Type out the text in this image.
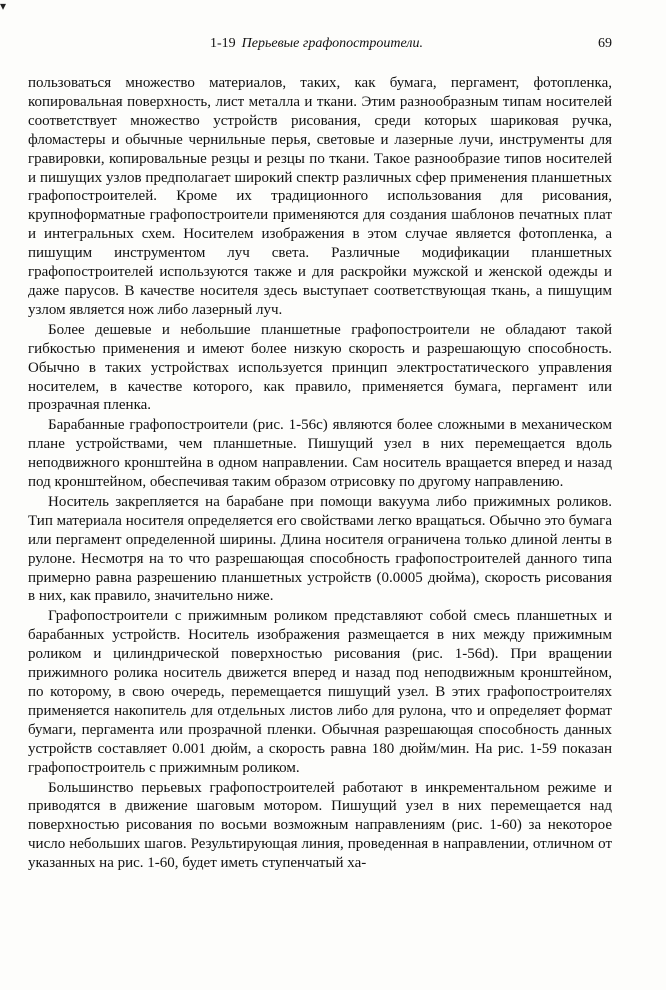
▾
1-19 Перьевые графопостроители.	69

пользоваться множество материалов, таких, как бумага, пергамент, фотопленка, копировальная поверхность, лист металла и ткани. Этим разнообразным типам носителей соответствует множество устройств рисования, среди которых шариковая ручка, фломастеры и обычные чернильные перья, световые и лазерные лучи, инструменты для гравировки, копировальные резцы и резцы по ткани. Такое разнообразие типов носителей и пишущих узлов предполагает широкий спектр различных сфер применения планшетных графопостроителей. Кроме их традиционного использования для рисования, крупноформатные графопостроители применяются для создания шаблонов печатных плат и интегральных схем. Носителем изображения в этом случае является фотопленка, а пишущим инструментом луч света. Различные модификации планшетных графопостроителей используются также и для раскройки мужской и женской одежды и даже парусов. В качестве носителя здесь выступает соответствующая ткань, а пишущим узлом является нож либо лазерный луч.

Более дешевые и небольшие планшетные графопостроители не обладают такой гибкостью применения и имеют более низкую скорость и разрешающую способность. Обычно в таких устройствах используется принцип электростатического управления носителем, в качестве которого, как правило, применяется бумага, пергамент или прозрачная пленка.

Барабанные графопостроители (рис. 1-56с) являются более сложными в механическом плане устройствами, чем планшетные. Пишущий узел в них перемещается вдоль неподвижного кронштейна в одном направлении. Сам носитель вращается вперед и назад под кронштейном, обеспечивая таким образом отрисовку по другому направлению.

Носитель закрепляется на барабане при помощи вакуума либо прижимных роликов. Тип материала носителя определяется его свойствами легко вращаться. Обычно это бумага или пергамент определенной ширины. Длина носителя ограничена только длиной ленты в рулоне. Несмотря на то что разрешающая способность графопостроителей данного типа примерно равна разрешению планшетных устройств (0.0005 дюйма), скорость рисования в них, как правило, значительно ниже.

Графопостроители с прижимным роликом представляют собой смесь планшетных и барабанных устройств. Носитель изображения размещается в них между прижимным роликом и цилиндрической поверхностью рисования (рис. 1-56d). При вращении прижимного ролика носитель движется вперед и назад под неподвижным кронштейном, по которому, в свою очередь, перемещается пишущий узел. В этих графопостроителях применяется накопитель для отдельных листов либо для рулона, что и определяет формат бумаги, пергамента или прозрачной пленки. Обычная разрешающая способность данных устройств составляет 0.001 дюйм, а скорость равна 180 дюйм/мин. На рис. 1-59 показан графопостроитель с прижимным роликом.

Большинство перьевых графопостроителей работают в инкрементальном режиме и приводятся в движение шаговым мотором. Пишущий узел в них перемещается над поверхностью рисования по восьми возможным направлениям (рис. 1-60) за некоторое число небольших шагов. Результирующая линия, проведенная в направлении, отличном от указанных на рис. 1-60, будет иметь ступенчатый ха-
